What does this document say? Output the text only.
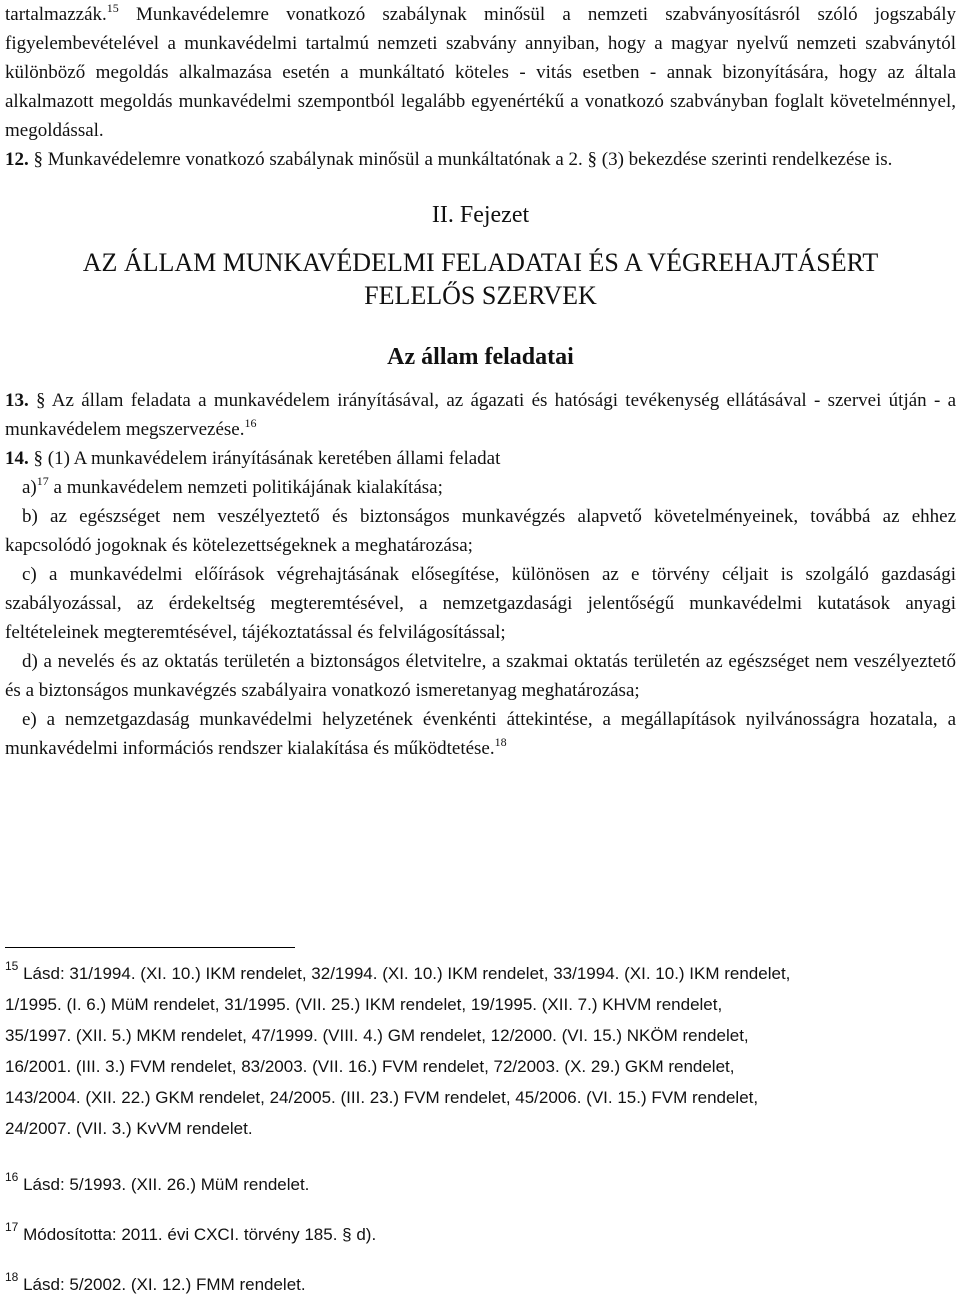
tartalmazzák.$^{15}$ Munkavédelemre vonatkozó szabálynak minősül a nemzeti szabványosításról szóló jogszabály figyelembevételével a munkavédelmi tartalmú nemzeti szabvány annyiban, hogy a magyar nyelvű nemzeti szabványtól különböző megoldás alkalmazása esetén a munkáltató köteles - vitás esetben - annak bizonyítására, hogy az általa alkalmazott megoldás munkavédelmi szempontból legalább egyenértékű a vonatkozó szabványban foglalt követelménnyel, megoldással.

12. § Munkavédelemre vonatkozó szabálynak minősül a munkáltatónak a 2. § (3) bekezdése szerinti rendelkezése is.

II. Fejezet

AZ ÁLLAM MUNKAVÉDELMI FELADATAI ÉS A VÉGREHAJTÁSÉRT

FELELŐS SZERVEK

Az állam feladatai

13. § Az állam feladata a munkavédelem irányításával, az ágazati és hatósági tevékenység ellátásával - szervei útján - a munkavédelem megszervezése.$^{16}$

14. § (1) A munkavédelem irányításának keretében állami feladat

a)$^{17}$ a munkavédelem nemzeti politikájának kialakítása;

b) az egészséget nem veszélyeztető és biztonságos munkavégzés alapvető követelményeinek, továbbá az ehhez kapcsolódó jogoknak és kötelezettségeknek a meghatározása;

c) a munkavédelmi előírások végrehajtásának elősegítése, különösen az e törvény céljait is szolgáló gazdasági szabályozással, az érdekeltség megteremtésével, a nemzetgazdasági jelentőségű munkavédelmi kutatások anyagi feltételeinek megteremtésével, tájékoztatással és felvilágosítással;

d) a nevelés és az oktatás területén a biztonságos életvitelre, a szakmai oktatás területén az egészséget nem veszélyeztető és a biztonságos munkavégzés szabályaira vonatkozó ismeretanyag meghatározása;

e) a nemzetgazdaság munkavédelmi helyzetének évenkénti áttekintése, a megállapítások nyilvánosságra hozatala, a munkavédelmi információs rendszer kialakítása és működtetése.$^{18}$

$^{15}$ Lásd: 31/1994. (XI. 10.) IKM rendelet, 32/1994. (XI. 10.) IKM rendelet, 33/1994. (XI. 10.) IKM rendelet,
1/1995. (I. 6.) MüM rendelet, 31/1995. (VII. 25.) IKM rendelet, 19/1995. (XII. 7.) KHVM rendelet,
35/1997. (XII. 5.) MKM rendelet, 47/1999. (VIII. 4.) GM rendelet, 12/2000. (VI. 15.) NKÖM rendelet,
16/2001. (III. 3.) FVM rendelet, 83/2003. (VII. 16.) FVM rendelet, 72/2003. (X. 29.) GKM rendelet,
143/2004. (XII. 22.) GKM rendelet, 24/2005. (III. 23.) FVM rendelet, 45/2006. (VI. 15.) FVM rendelet,
24/2007. (VII. 3.) KvVM rendelet.

$^{16}$ Lásd: 5/1993. (XII. 26.) MüM rendelet.

$^{17}$ Módosította: 2011. évi CXCI. törvény 185. § d).

$^{18}$ Lásd: 5/2002. (XI. 12.) FMM rendelet.
